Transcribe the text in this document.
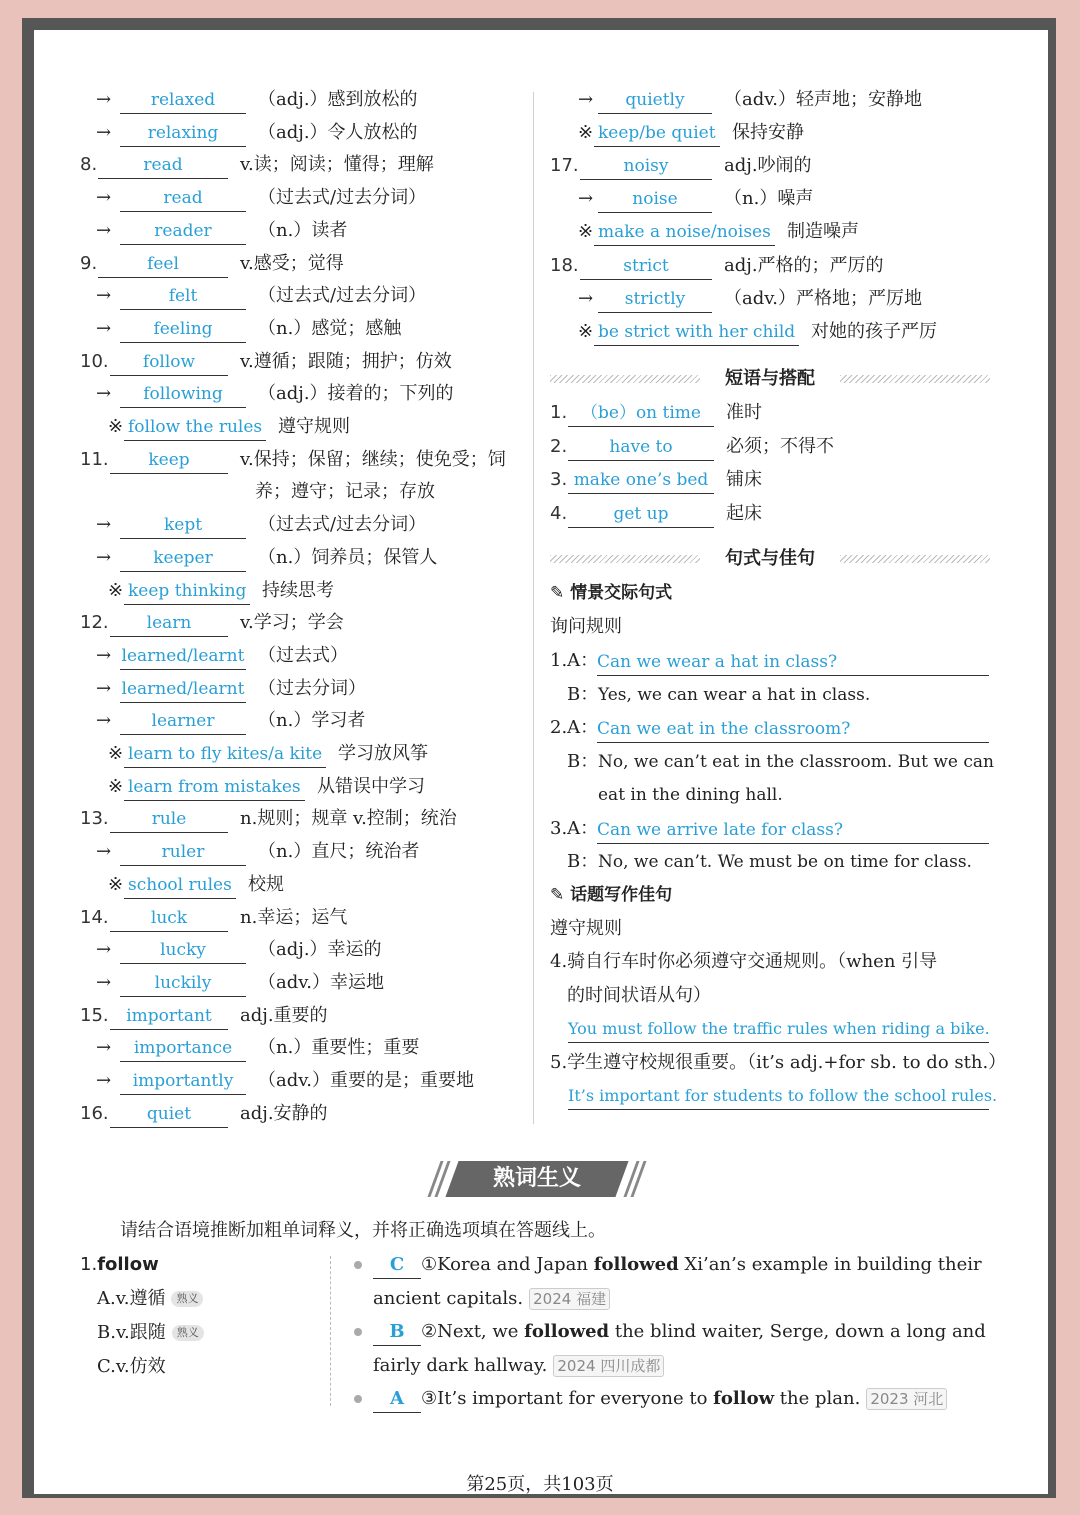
→	relaxed	（adj.）感到放松的
→	relaxing	（adj.）令人放松的
8.	read	v.读；阅读；懂得；理解
→	read	（过去式/过去分词）
→	reader	（n.）读者
9.	feel	v.感受；觉得
→	felt	（过去式/过去分词）
→	feeling	（n.）感觉；感触
10.	follow	v.遵循；跟随；拥护；仿效
→	following	（adj.）接着的；下列的
※ follow the rules 遵守规则
11.	keep	v.保持；保留；继续；使免受；饲
养；遵守；记录；存放
→	kept	（过去式/过去分词）
→	keeper	（n.）饲养员；保管人
※ keep thinking 持续思考
12.	learn	v.学习；学会
→ learned/learnt （过去式）
→ learned/learnt （过去分词）
→	learner	（n.）学习者
※ learn to fly kites/a kite 学习放风筝
※ learn from mistakes 从错误中学习
13.	rule	n.规则；规章 v.控制；统治
→	ruler	（n.）直尺；统治者
※ school rules 校规
14.	luck	n.幸运；运气
→	lucky	（adj.）幸运的
→	luckily	（adv.）幸运地
15.	important	adj.重要的
→	importance	（n.）重要性；重要
→	importantly	（adv.）重要的是；重要地
16.	quiet	adj.安静的
→	quietly	（adv.）轻声地；安静地
※ keep/be quiet 保持安静
17.	noisy	adj.吵闹的
→	noise	（n.）噪声
※ make a noise/noises 制造噪声
18.	strict	adj.严格的；严厉的
→	strictly	（adv.）严格地；严厉地
※ be strict with her child 对她的孩子严厉
短语与搭配
1. （be）on time	准时
2.	have to	必须；不得不
3. make one’s bed 铺床
4.	get up	起床
句式与佳句
✎ 情景交际句式
询问规则
1.A：
Can we wear a hat in class?
B： Yes, we can wear a hat in class.
2.A：
Can we eat in the classroom?
B： No, we can’t eat in the classroom. But we can
eat in the dining hall.
3.A：
Can we arrive late for class?
B： No, we can’t. We must be on time for class.
✎ 话题写作佳句
遵守规则
4.骑自行车时你必须遵守交通规则。（when 引导
的时间状语从句）
You must follow the traffic rules when riding a bike.
5.学生遵守校规很重要。（it’s adj.+for sb. to do sth.）
It’s important for students to follow the school rules.
熟词生义
请结合语境推断加粗单词释义，并将正确选项填在答题线上。
1.follow
A.v.遵循 熟义
B.v.跟随 熟义
C.v.仿效
C ①Korea and Japan followed Xi’an’s example in building their
ancient capitals. 2024 福建
B ②Next, we followed the blind waiter, Serge, down a long and
fairly dark hallway. 2024 四川成都
A ③It’s important for everyone to follow the plan. 2023 河北
第25页，共103页
